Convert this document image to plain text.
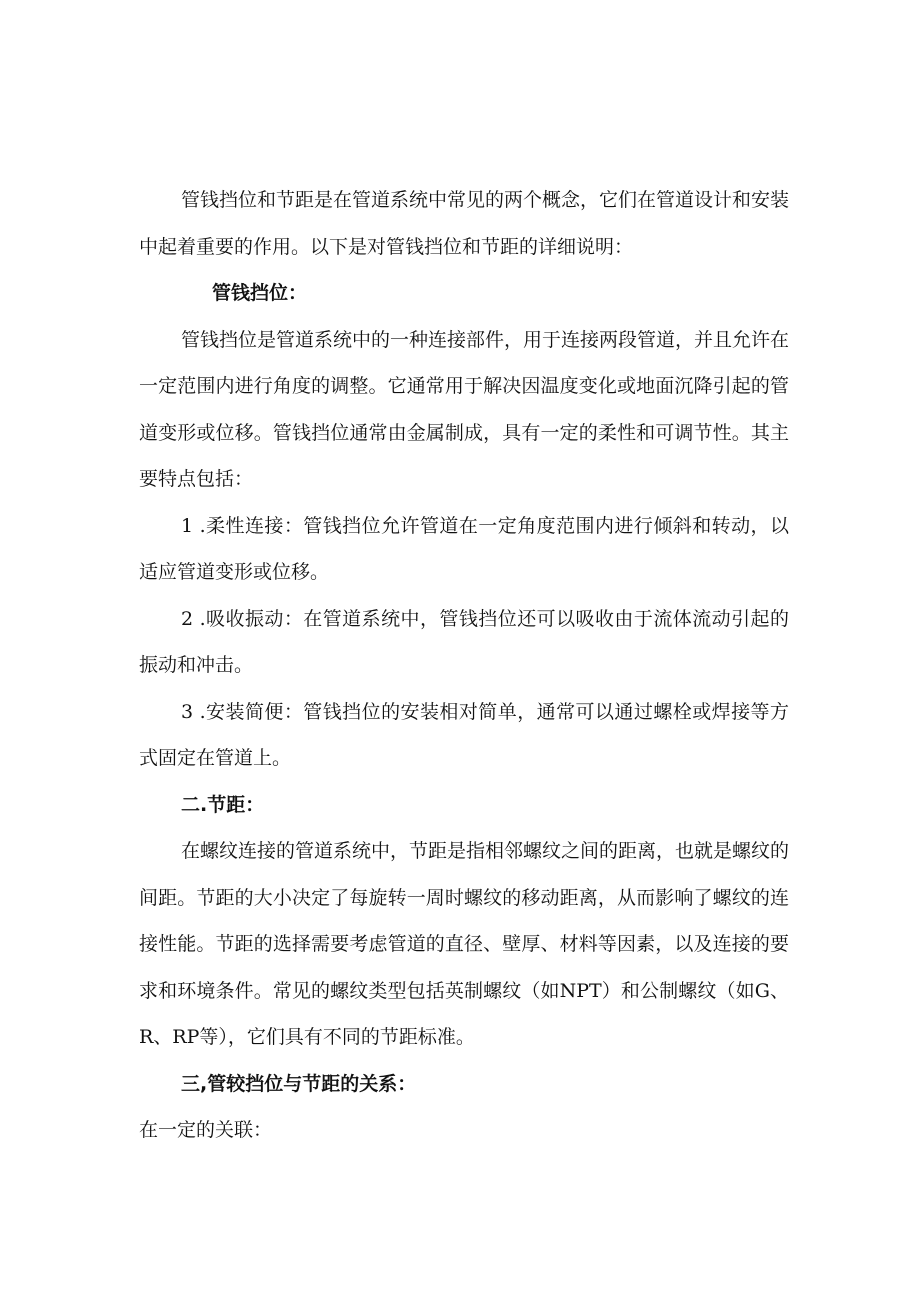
管钱挡位和节距是在管道系统中常见的两个概念，它们在管道设计和安装中起着重要的作用。以下是对管钱挡位和节距的详细说明：

管钱挡位：

管钱挡位是管道系统中的一种连接部件，用于连接两段管道，并且允许在一定范围内进行角度的调整。它通常用于解决因温度变化或地面沉降引起的管道变形或位移。管钱挡位通常由金属制成，具有一定的柔性和可调节性。其主要特点包括：

1 .柔性连接：管钱挡位允许管道在一定角度范围内进行倾斜和转动，以适应管道变形或位移。

2 .吸收振动：在管道系统中，管钱挡位还可以吸收由于流体流动引起的振动和冲击。

3 .安装简便：管钱挡位的安装相对简单，通常可以通过螺栓或焊接等方式固定在管道上。

二.节距：

在螺纹连接的管道系统中，节距是指相邻螺纹之间的距离，也就是螺纹的间距。节距的大小决定了每旋转一周时螺纹的移动距离，从而影响了螺纹的连接性能。节距的选择需要考虑管道的直径、壁厚、材料等因素，以及连接的要求和环境条件。常见的螺纹类型包括英制螺纹（如NPT）和公制螺纹（如G、R、RP等），它们具有不同的节距标准。

三,管较挡位与节距的关系：

在一定的关联：
